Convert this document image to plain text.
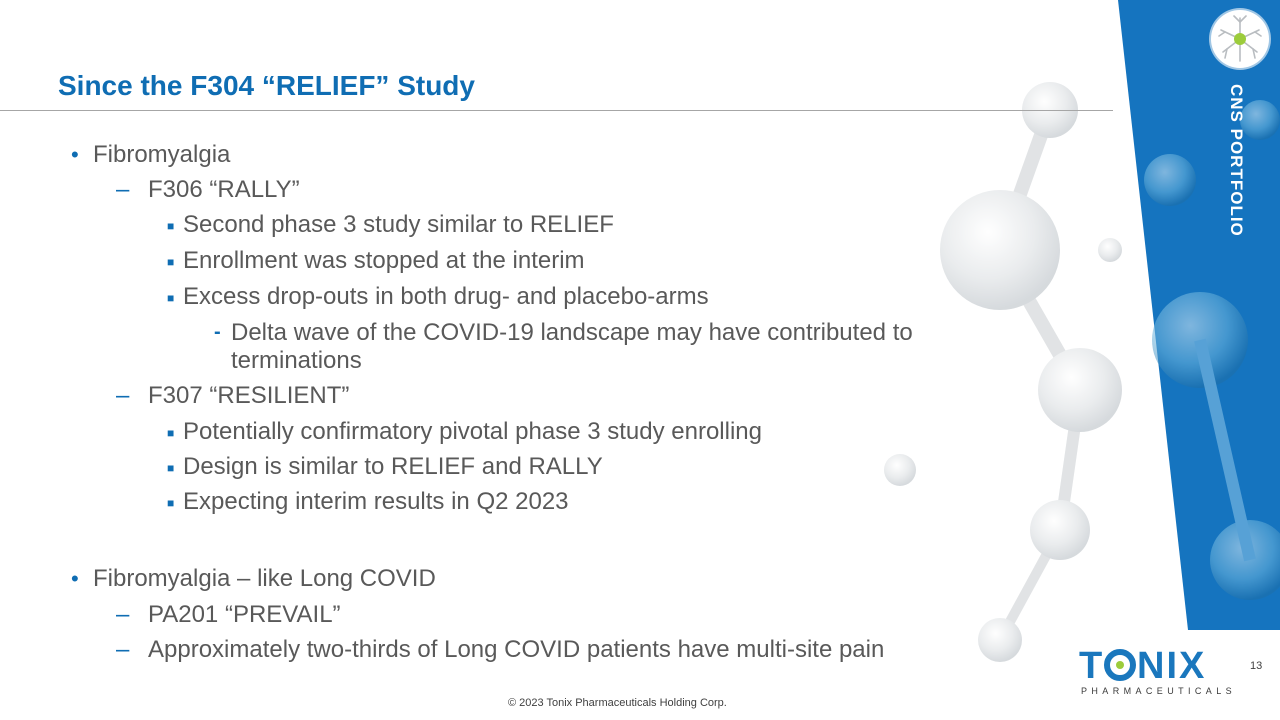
Since the F304 “RELIEF” Study	CNS PORTFOLIO
• Fibromyalgia
– F306 “RALLY”
■ Second phase 3 study similar to RELIEF
■ Enrollment was stopped at the interim
■ Excess drop-outs in both drug- and placebo-arms
- Delta wave of the COVID-19 landscape may have contributed to
terminations
– F307 “RESILIENT”
■ Potentially confirmatory pivotal phase 3 study enrolling
■ Design is similar to RELIEF and RALLY
■ Expecting interim results in Q2 2023
• Fibromyalgia – like Long COVID
– PA201 “PREVAIL”
– Approximately two-thirds of Long COVID patients have multi-site pain	T NIX
PHARMACEUTICALS
13
© 2023 Tonix Pharmaceuticals Holding Corp.
